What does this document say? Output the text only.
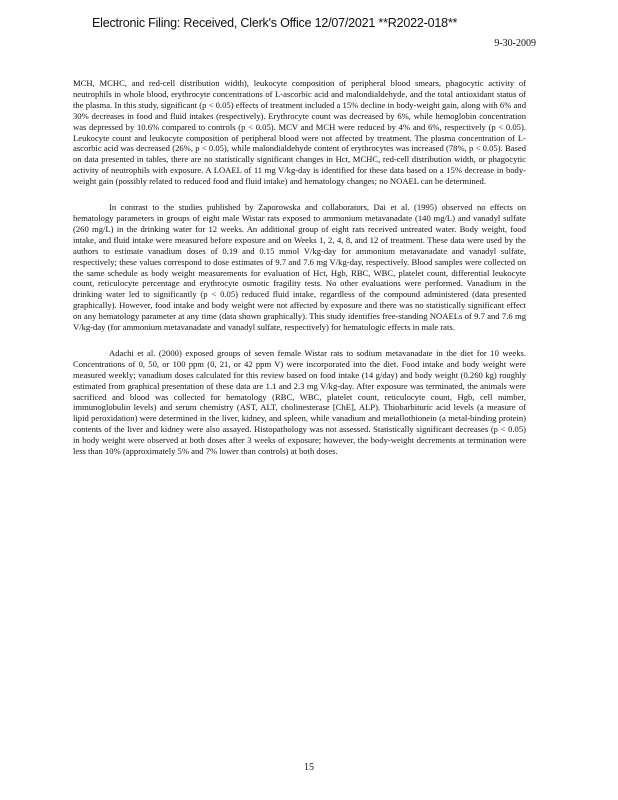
Electronic Filing: Received, Clerk's Office 12/07/2021 **R2022-018**
9-30-2009

MCH, MCHC, and red-cell distribution width), leukocyte composition of peripheral blood smears, phagocytic activity of neutrophils in whole blood, erythrocyte concentrations of L-ascorbic acid and malondialdehyde, and the total antioxidant status of the plasma. In this study, significant (p < 0.05) effects of treatment included a 15% decline in body-weight gain, along with 6% and 30% decreases in food and fluid intakes (respectively). Erythrocyte count was decreased by 6%, while hemoglobin concentration was depressed by 10.6% compared to controls (p < 0.05). MCV and MCH were reduced by 4% and 6%, respectively (p < 0.05). Leukocyte count and leukocyte composition of peripheral blood were not affected by treatment. The plasma concentration of L-ascorbic acid was decreased (26%, p < 0.05), while malondialdehyde content of erythrocytes was increased (78%, p < 0.05). Based on data presented in tables, there are no statistically significant changes in Hct, MCHC, red-cell distribution width, or phagocytic activity of neutrophils with exposure. A LOAEL of 11 mg V/kg-day is identified for these data based on a 15% decrease in body-weight gain (possibly related to reduced food and fluid intake) and hematology changes; no NOAEL can be determined.

In contrast to the studies published by Zaporowska and collaborators, Dai et al. (1995) observed no effects on hematology parameters in groups of eight male Wistar rats exposed to ammonium metavanadate (140 mg/L) and vanadyl sulfate (260 mg/L) in the drinking water for 12 weeks. An additional group of eight rats received untreated water. Body weight, food intake, and fluid intake were measured before exposure and on Weeks 1, 2, 4, 8, and 12 of treatment. These data were used by the authors to estimate vanadium doses of 0.19 and 0.15 mmol V/kg-day for ammonium metavanadate and vanadyl sulfate, respectively; these values correspond to dose estimates of 9.7 and 7.6 mg V/kg-day, respectively. Blood samples were collected on the same schedule as body weight measurements for evaluation of Hct, Hgb, RBC, WBC, platelet count, differential leukocyte count, reticulocyte percentage and erythrocyte osmotic fragility tests. No other evaluations were performed. Vanadium in the drinking water led to significantly (p < 0.05) reduced fluid intake, regardless of the compound administered (data presented graphically). However, food intake and body weight were not affected by exposure and there was no statistically significant effect on any hematology parameter at any time (data shown graphically). This study identifies free-standing NOAELs of 9.7 and 7.6 mg V/kg-day (for ammonium metavanadate and vanadyl sulfate, respectively) for hematologic effects in male rats.

Adachi et al. (2000) exposed groups of seven female Wistar rats to sodium metavanadate in the diet for 10 weeks. Concentrations of 0, 50, or 100 ppm (0, 21, or 42 ppm V) were incorporated into the diet. Food intake and body weight were measured weekly; vanadium doses calculated for this review based on food intake (14 g/day) and body weight (0.260 kg) roughly estimated from graphical presentation of these data are 1.1 and 2.3 mg V/kg-day. After exposure was terminated, the animals were sacrificed and blood was collected for hematology (RBC, WBC, platelet count, reticulocyte count, Hgb, cell number, immunoglobulin levels) and serum chemistry (AST, ALT, cholinesterase [ChE], ALP). Thiobarbituric acid levels (a measure of lipid peroxidation) were determined in the liver, kidney, and spleen, while vanadium and metallothionein (a metal-binding protein) contents of the liver and kidney were also assayed. Histopathology was not assessed. Statistically significant decreases (p < 0.05) in body weight were observed at both doses after 3 weeks of exposure; however, the body-weight decrements at termination were less than 10% (approximately 5% and 7% lower than controls) at both doses.

15
